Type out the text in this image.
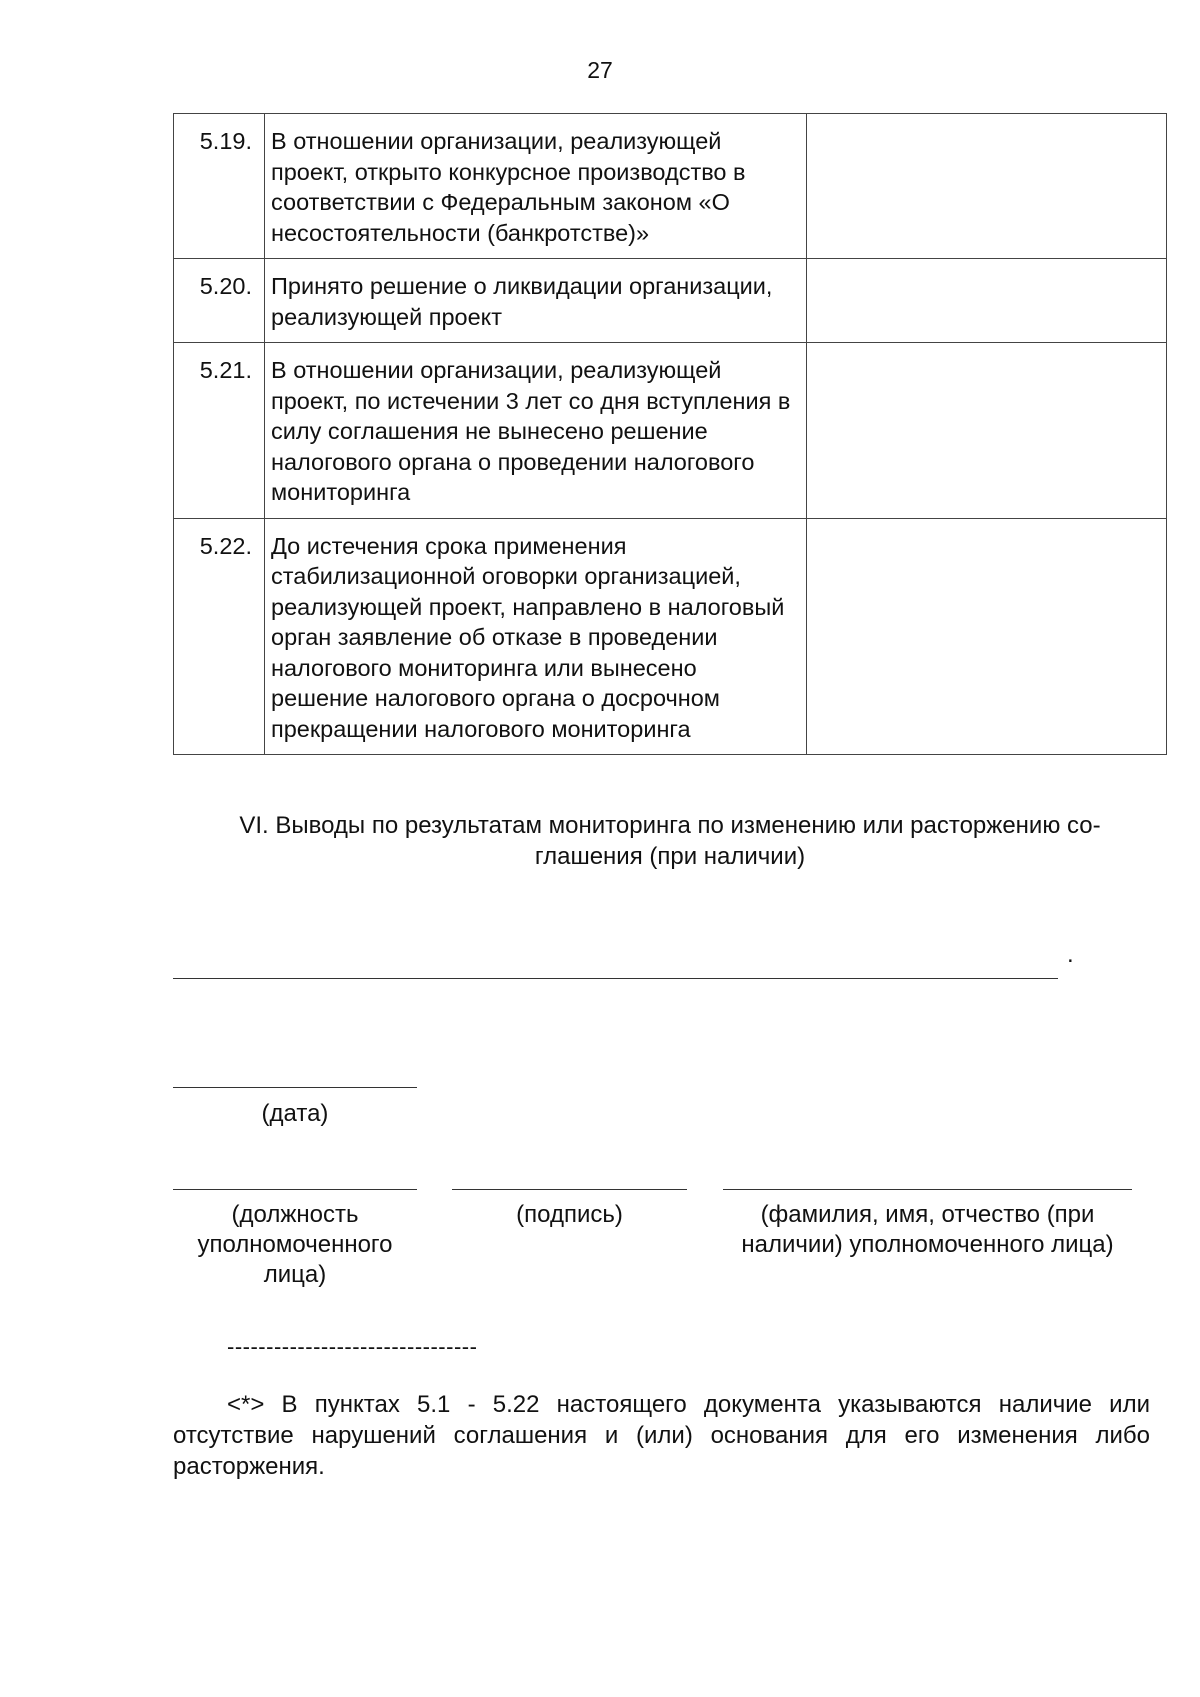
27
5.19.	В отношении организации, реализующей проект, открыто конкурсное производство в соответствии с Федеральным законом «О несостоятельности (банкротстве)»	
5.20.	Принято решение о ликвидации организации, реализующей проект	
5.21.	В отношении организации, реализующей проект, по истечении 3 лет со дня вступления в силу соглашения не вынесено решение налогового органа о проведении налогового мониторинга	
5.22.	До истечения срока применения стабилизационной оговорки организацией, реализующей проект, направлено в налоговый орган заявление об отказе в проведении налогового мониторинга или вынесено решение налогового органа о досрочном прекращении налогового мониторинга	
VI. Выводы по результатам мониторинга по изменению или расторжению со-
глашения (при наличии)
.
(дата)
(должность уполномоченного лица)
(подпись)	(фамилия, имя, отчество (при наличии) уполномоченного лица)
--------------------------------
<*> В пунктах 5.1 - 5.22 настоящего документа указываются наличие или отсутствие нарушений соглашения и (или) основания для его изменения либо расторжения.
